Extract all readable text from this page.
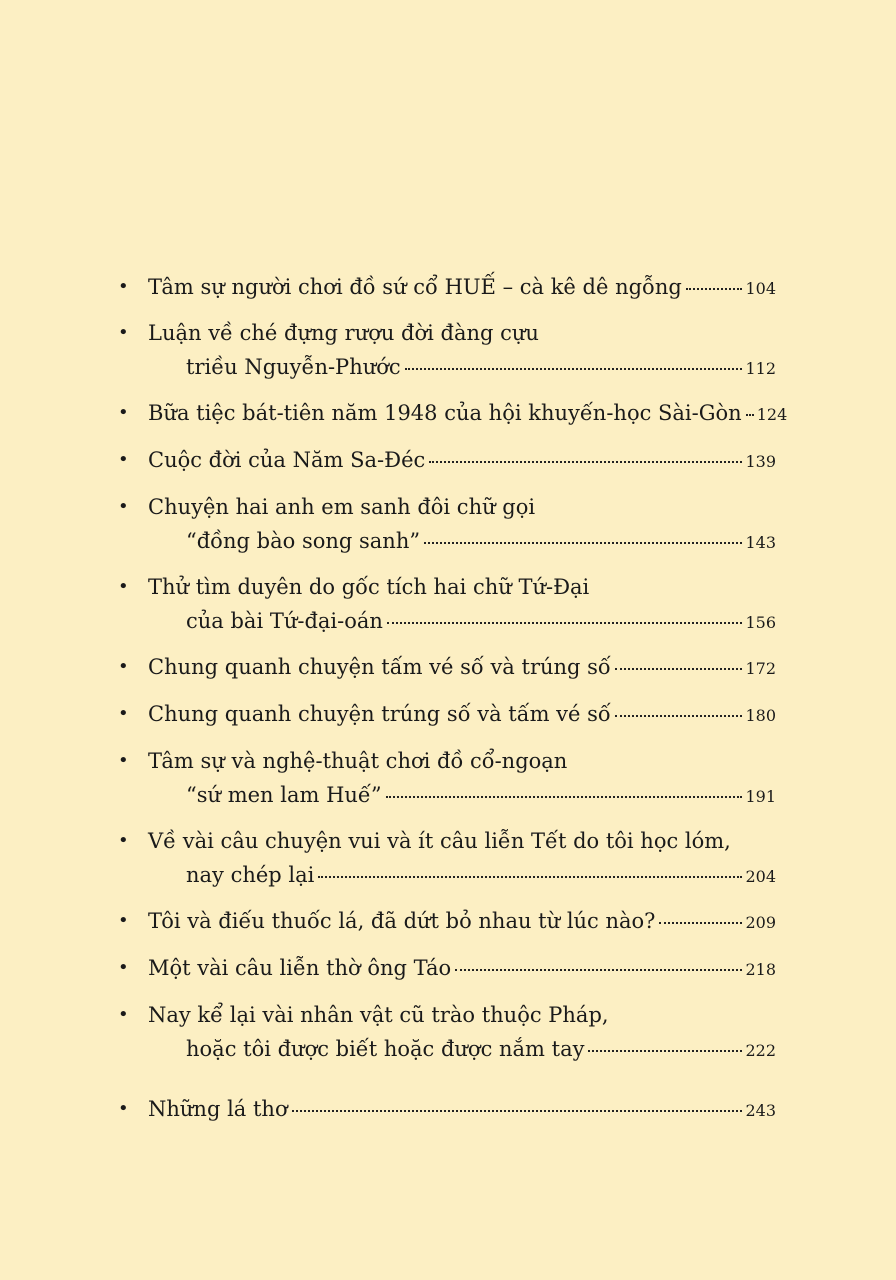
• Tâm sự người chơi đồ sứ cổ HUẾ – cà kê dê ngỗng	104
• Luận về ché đựng rượu đời đàng cựu
triều Nguyễn-Phước	112
• Bữa tiệc bát-tiên năm 1948 của hội khuyến-học Sài-Gòn 124
• Cuộc đời của Năm Sa-Đéc	139
• Chuyện hai anh em sanh đôi chữ gọi
“đồng bào song sanh”	143
• Thử tìm duyên do gốc tích hai chữ Tứ-Đại
của bài Tứ-đại-oán	156
• Chung quanh chuyện tấm vé số và trúng số	172
• Chung quanh chuyện trúng số và tấm vé số	180
• Tâm sự và nghệ-thuật chơi đồ cổ-ngoạn
“sứ men lam Huế”	191
• Về vài câu chuyện vui và ít câu liễn Tết do tôi học lóm,
nay chép lại	204
• Tôi và điếu thuốc lá, đã dứt bỏ nhau từ lúc nào?	209
• Một vài câu liễn thờ ông Táo	218
• Nay kể lại vài nhân vật cũ trào thuộc Pháp,
hoặc tôi được biết hoặc được nắm tay	222
• Những lá thơ	243
